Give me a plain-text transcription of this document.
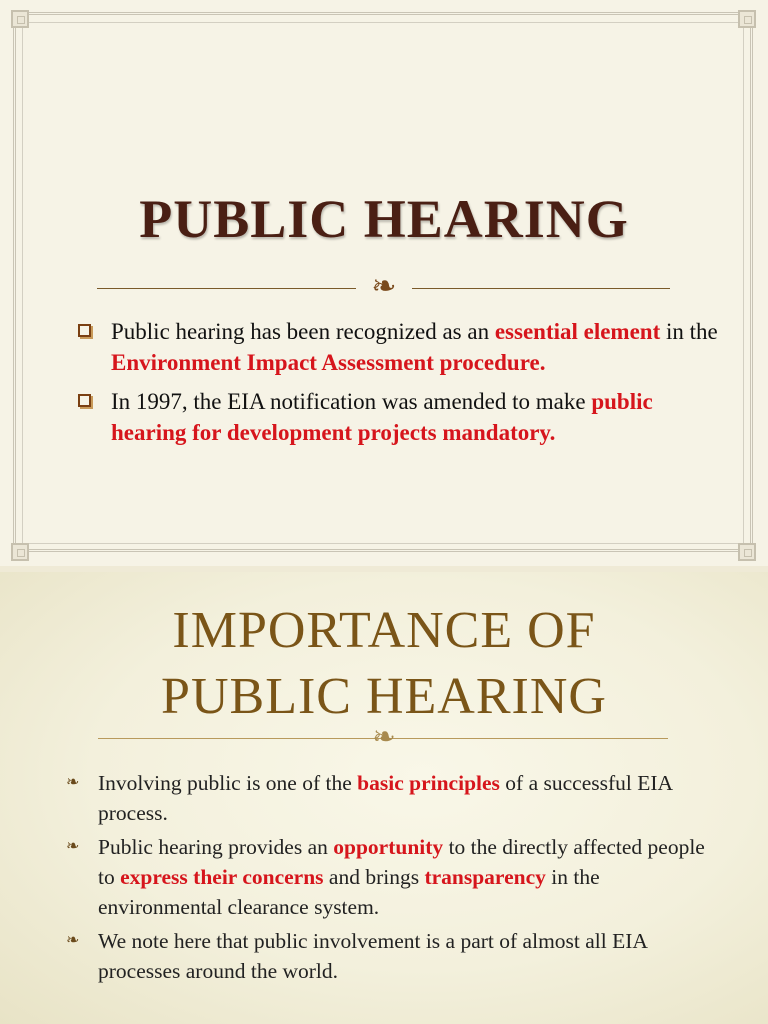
PUBLIC HEARING
❧
Public hearing has been recognized as an essential element in the Environment Impact Assessment procedure.
In 1997, the EIA notification was amended to make public hearing for development projects mandatory.
IMPORTANCE OF
PUBLIC HEARING
❧
❧ Involving public is one of the basic principles of a successful EIA process.
❧ Public hearing provides an opportunity to the directly affected people to express their concerns and brings transparency in the environmental clearance system.
❧ We note here that public involvement is a part of almost all EIA processes around the world.
